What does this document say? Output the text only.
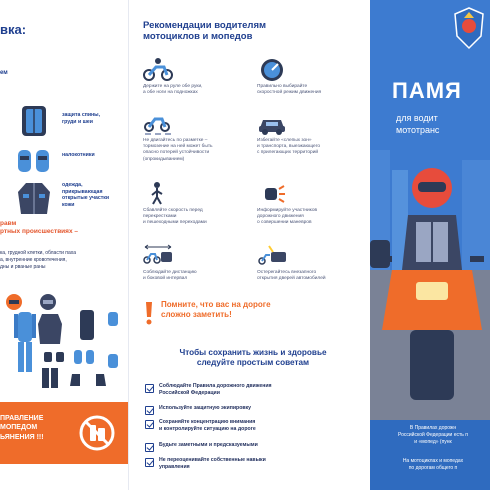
вка:
ем
защита спины,
груди и шеи
налокотники
одежда,
прикрывающая
открытые участки
кожи
равм
ртных происшествиях –
ка, грудной клетки, области паха
а, внутренние кровотечения,
дны и рваные раны
ПРАВЛЕНИЕ
МОПЕДОМ
ЬЯНЕНИЯ !!!
Рекомендации водителям
мотоциклов и мопедов
Держите на руле обе руки,
а обе ноги на подножках
Правильно выбирайте
скоростной режим движения
Не двигайтесь по разметке –
тормозение на ней может быть
опасно потерей устойчивости
(опрокидыванием)
Избегайте «слепых зон»
и транспорта, выезжающего
с прилегающих территорий
Сбавляйте скорость перед
перекрестками
и пешеходными переходами
Информируйте участников
дорожного движения
о совершении маневров
Соблюдайте дистанцию
и боковой интервал
Остерегайтесь внезапного
открытия дверей автомобилей
Помните, что вас на дороге
сложно заметить!
Чтобы сохранить жизнь и здоровье
следуйте простым советам
Соблюдайте Правила дорожного движения
Российской Федерации
Используйте защитную экипировку
Сохраняйте концентрацию внимания
и контролируйте ситуацию на дороге
Будьте заметными и предсказуемыми
Не переоценивайте собственные навыки
управления
ПАМЯ
для водит
мототранс
В Правилах дорожн
Российской Федерации есть п
и «мопед» (пунк
На мотоциклах и мопедах
по дорогам общего п
